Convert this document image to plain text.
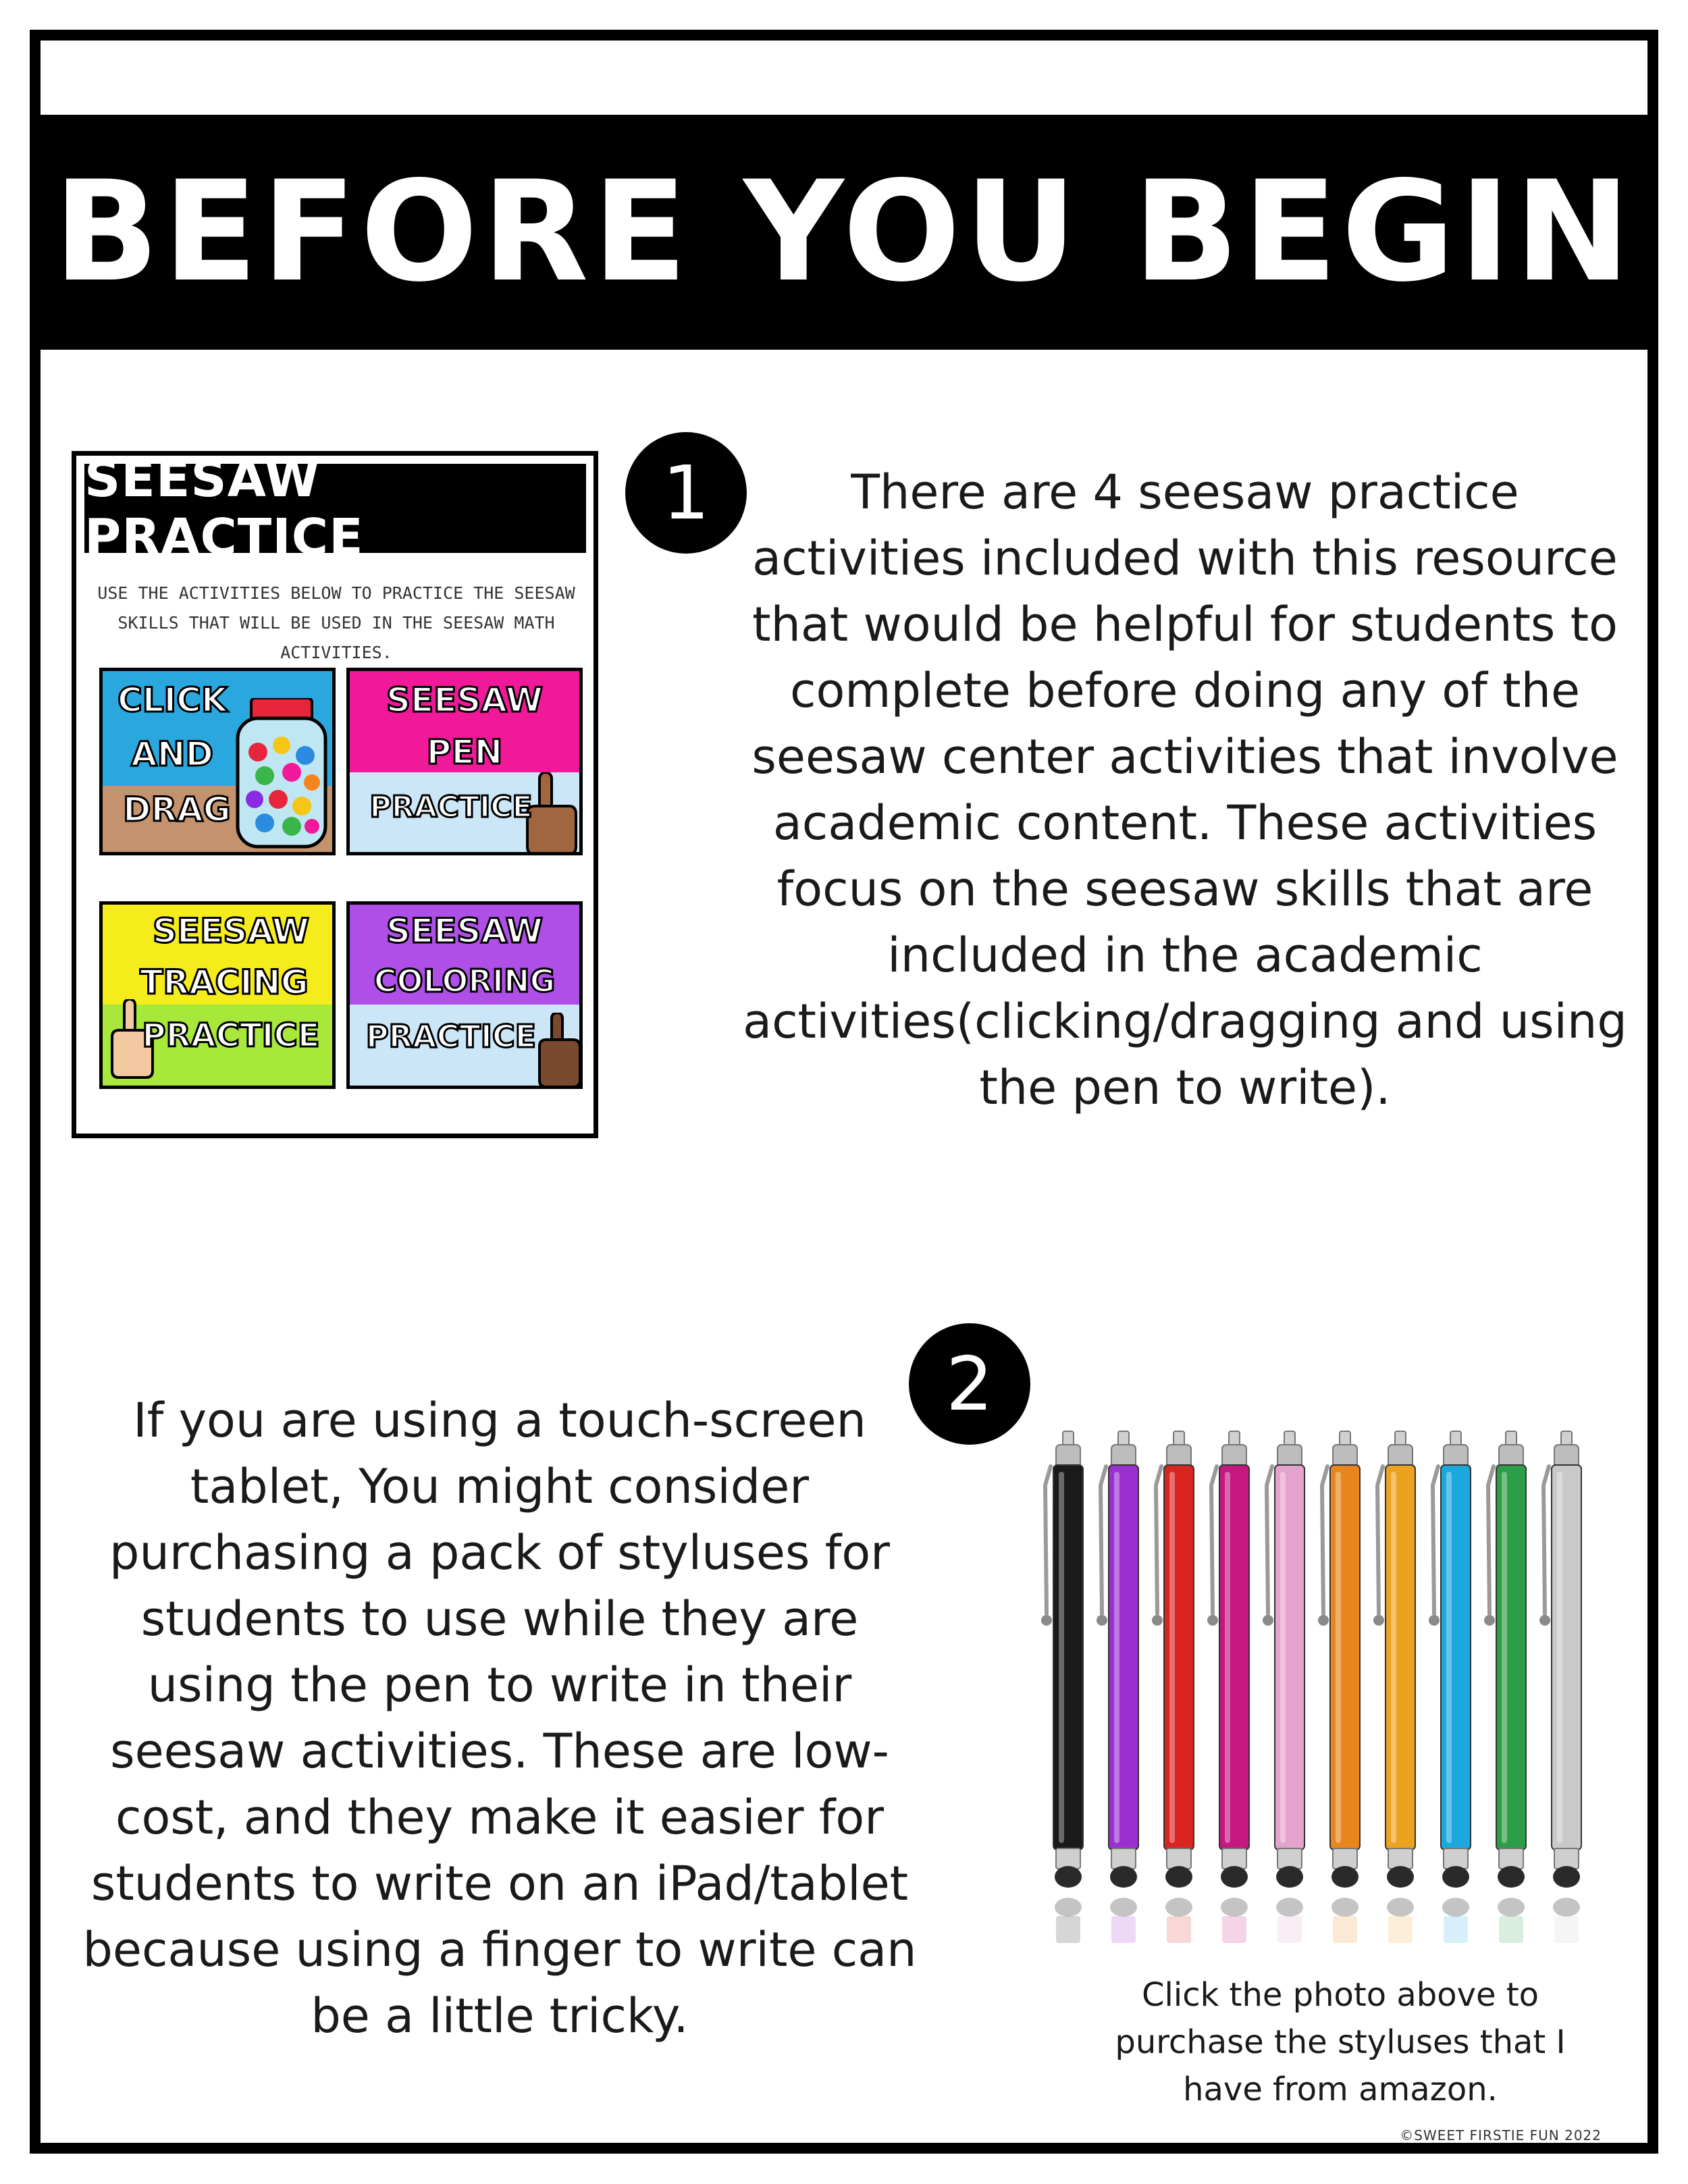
BEFORE YOU BEGIN
SEESAW PRACTICE

USE THE ACTIVITIES BELOW TO PRACTICE THE SEESAW SKILLS THAT WILL BE USED IN THE SEESAW MATH ACTIVITIES.

CLICK
AND
DRAG
SEESAW
PEN
PRACTICE
SEESAW
TRACING
PRACTICE
SEESAW
COLORING
PRACTICE
1	There are 4 seesaw practice activities included with this resource that would be helpful for students to complete before doing any of the seesaw center activities that involve academic content. These activities focus on the seesaw skills that are included in the academic activities(clicking/dragging and using the pen to write).

2

If you are using a touch-screen tablet, You might consider purchasing a pack of styluses for students to use while they are using the pen to write in their seesaw activities. These are low-cost, and they make it easier for students to write on an iPad/tablet because using a finger to write can be a little tricky.	Click the photo above to purchase the styluses that I have from amazon.

©SWEET FIRSTIE FUN 2022
